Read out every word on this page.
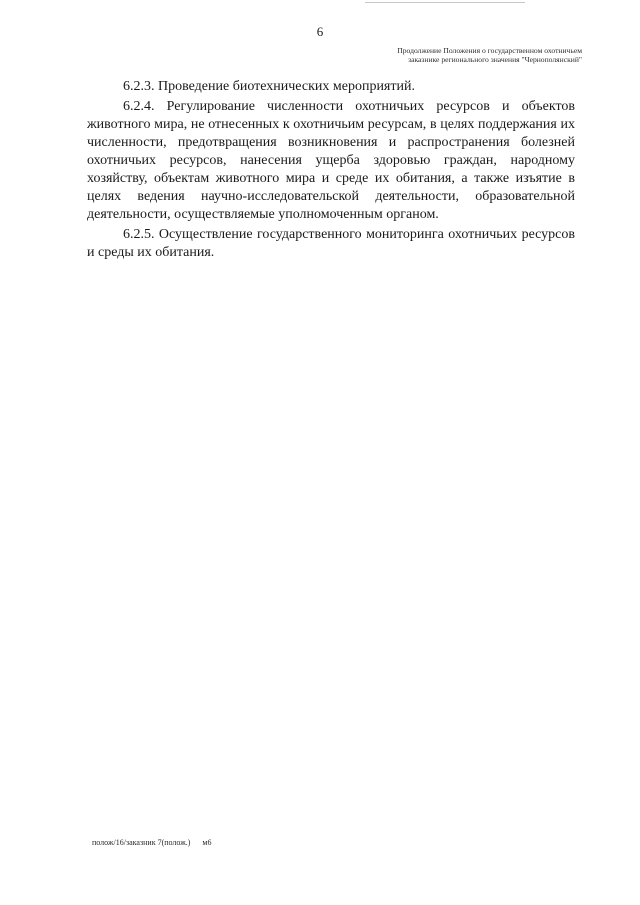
6
Продолжение Положения о государственном охотничьем
заказнике регионального значения "Чернополянский"

6.2.3. Проведение биотехнических мероприятий.

6.2.4. Регулирование численности охотничьих ресурсов и объектов животного мира, не отнесенных к охотничьим ресурсам, в целях поддержания их численности, предотвращения возникновения и распространения болезней охотничьих ресурсов, нанесения ущерба здоровью граждан, народному хозяйству, объектам животного мира и среде их обитания, а также изъятие в целях ведения научно-исследовательской деятельности, образовательной деятельности, осуществляемые уполномоченным органом.

6.2.5. Осуществление государственного мониторинга охотничьих ресурсов и среды их обитания.

полож/16/заказник 7(полож.)      м6
